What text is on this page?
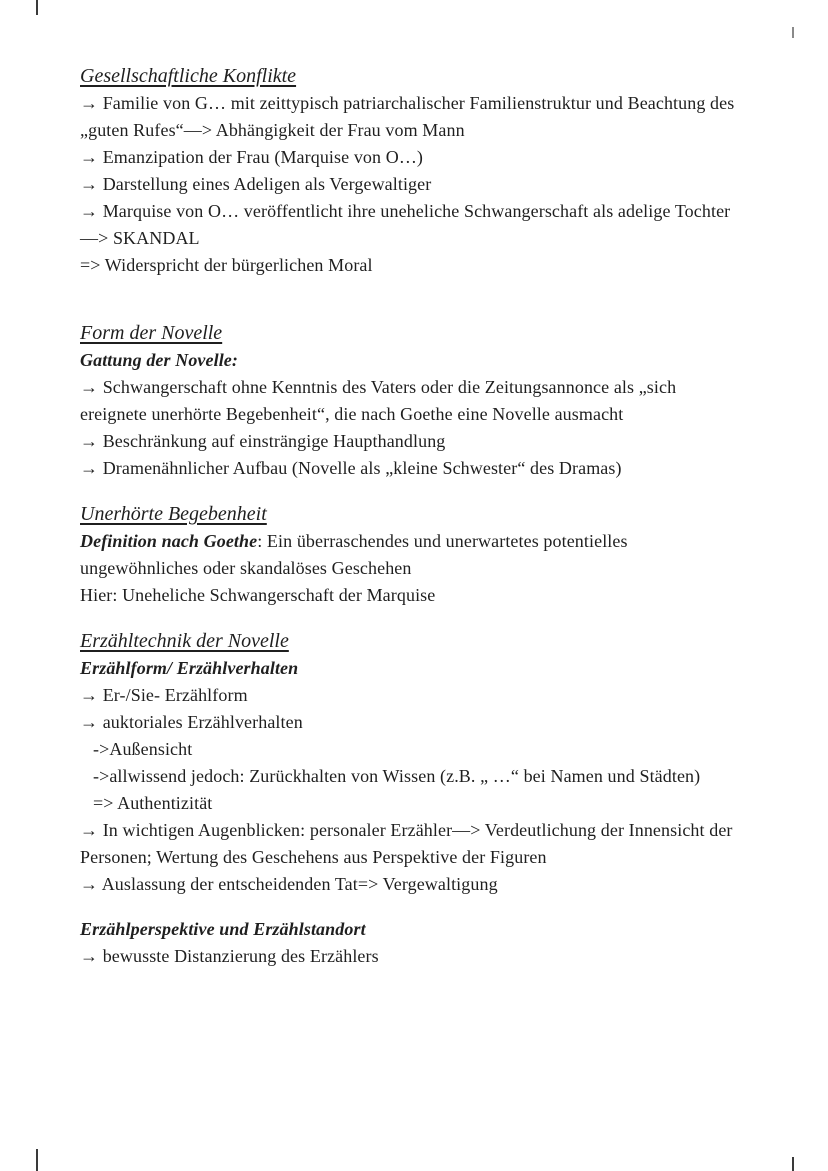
Gesellschaftliche Konflikte

→ Familie von G… mit zeittypisch patriarchalischer Familienstruktur und Beachtung des „guten Rufes“—> Abhängigkeit der Frau vom Mann

→ Emanzipation der Frau (Marquise von O…)

→ Darstellung eines Adeligen als Vergewaltiger

→ Marquise von O… veröffentlicht ihre uneheliche Schwangerschaft als adelige Tochter—> SKANDAL

=> Widerspricht der bürgerlichen Moral

Form der Novelle

Gattung der Novelle:

→ Schwangerschaft ohne Kenntnis des Vaters oder die Zeitungsannonce als „sich ereignete unerhörte Begebenheit“, die nach Goethe eine Novelle ausmacht

→ Beschränkung auf einsträngige Haupthandlung

→ Dramenähnlicher Aufbau (Novelle als „kleine Schwester“ des Dramas)

Unerhörte Begebenheit

Definition nach Goethe: Ein überraschendes und unerwartetes potentielles ungewöhnliches oder skandalöses Geschehen

Hier: Uneheliche Schwangerschaft der Marquise

Erzähltechnik der Novelle

Erzählform/ Erzählverhalten

→ Er-/Sie- Erzählform

→ auktoriales Erzählverhalten

->Außensicht

->allwissend jedoch: Zurückhalten von Wissen (z.B. „ …“ bei Namen und Städten)

=> Authentizität

→ In wichtigen Augenblicken: personaler Erzähler—> Verdeutlichung der Innensicht der Personen; Wertung des Geschehens aus Perspektive der Figuren

→ Auslassung der entscheidenden Tat=> Vergewaltigung

Erzählperspektive und Erzählstandort

→ bewusste Distanzierung des Erzählers
